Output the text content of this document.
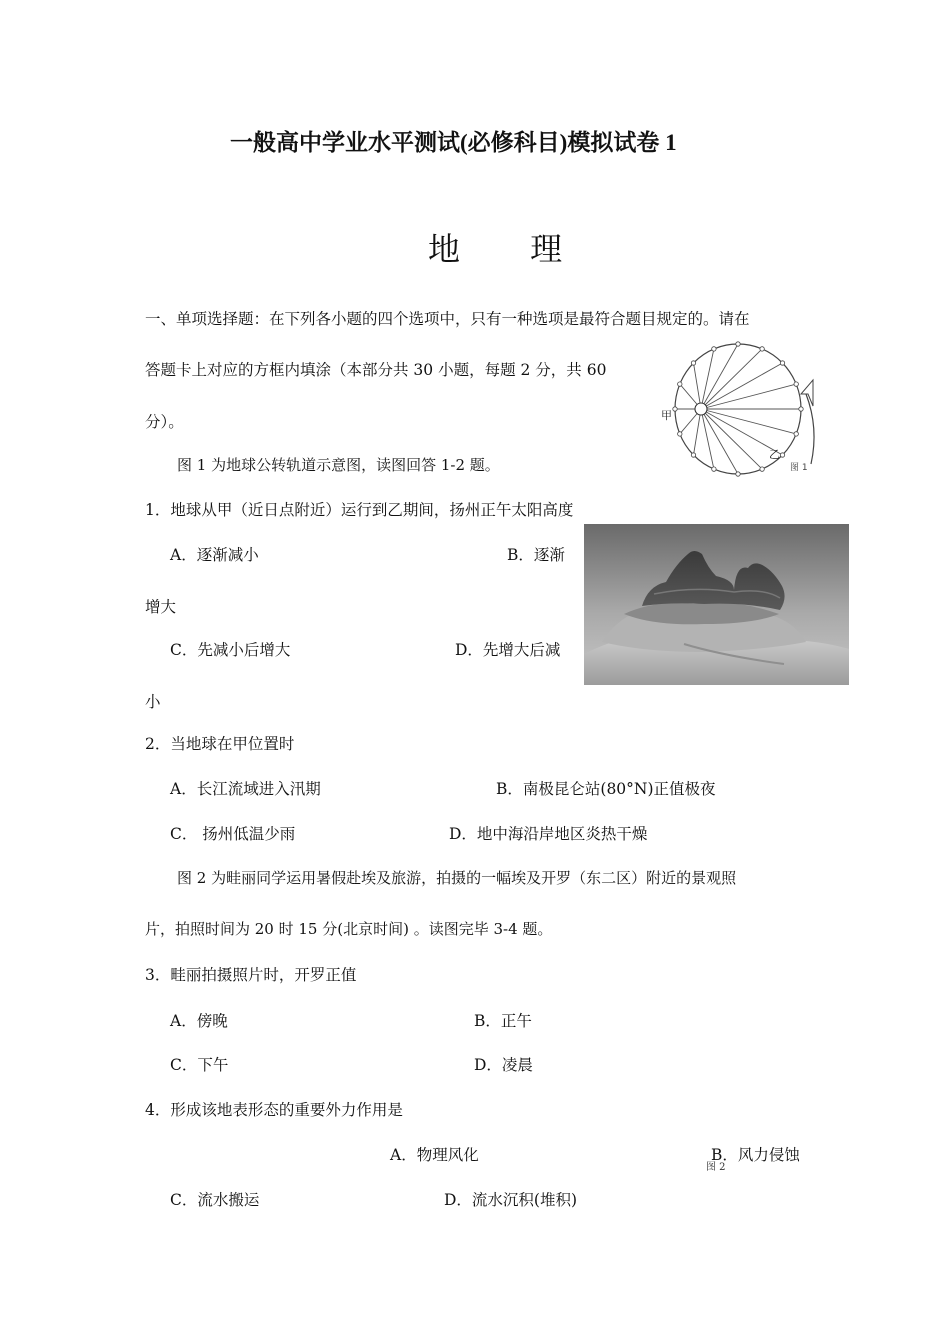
一般高中学业水平测试(必修科目)模拟试卷 1
地 理
一、单项选择题：在下列各小题的四个选项中，只有一种选项是最符合题目规定的。请在
答题卡上对应的方框内填涂（本部分共 30 小题，每题 2 分，共 60
分）。	甲
乙
图 1
图 1 为地球公转轨道示意图，读图回答 1-2 题。
1．地球从甲（近日点附近）运行到乙期间，扬州正午太阳高度
A．逐渐减小	B．逐渐
增大
C．先减小后增大	D．先增大后减
小
2．当地球在甲位置时
A．长江流域进入汛期	B．南极昆仑站(80°N)正值极夜
C． 扬州低温少雨	D．地中海沿岸地区炎热干燥
图 2 为畦丽同学运用暑假赴埃及旅游，拍摄的一幅埃及开罗（东二区）附近的景观照
片，拍照时间为 20 时 15 分(北京时间) 。读图完毕 3-4 题。
3．畦丽拍摄照片时，开罗正值
A．傍晚	B．正午
C．下午	D．凌晨
4．形成该地表形态的重要外力作用是
A．物理风化	B．风力侵蚀
图 2
C．流水搬运	D．流水沉积(堆积)
